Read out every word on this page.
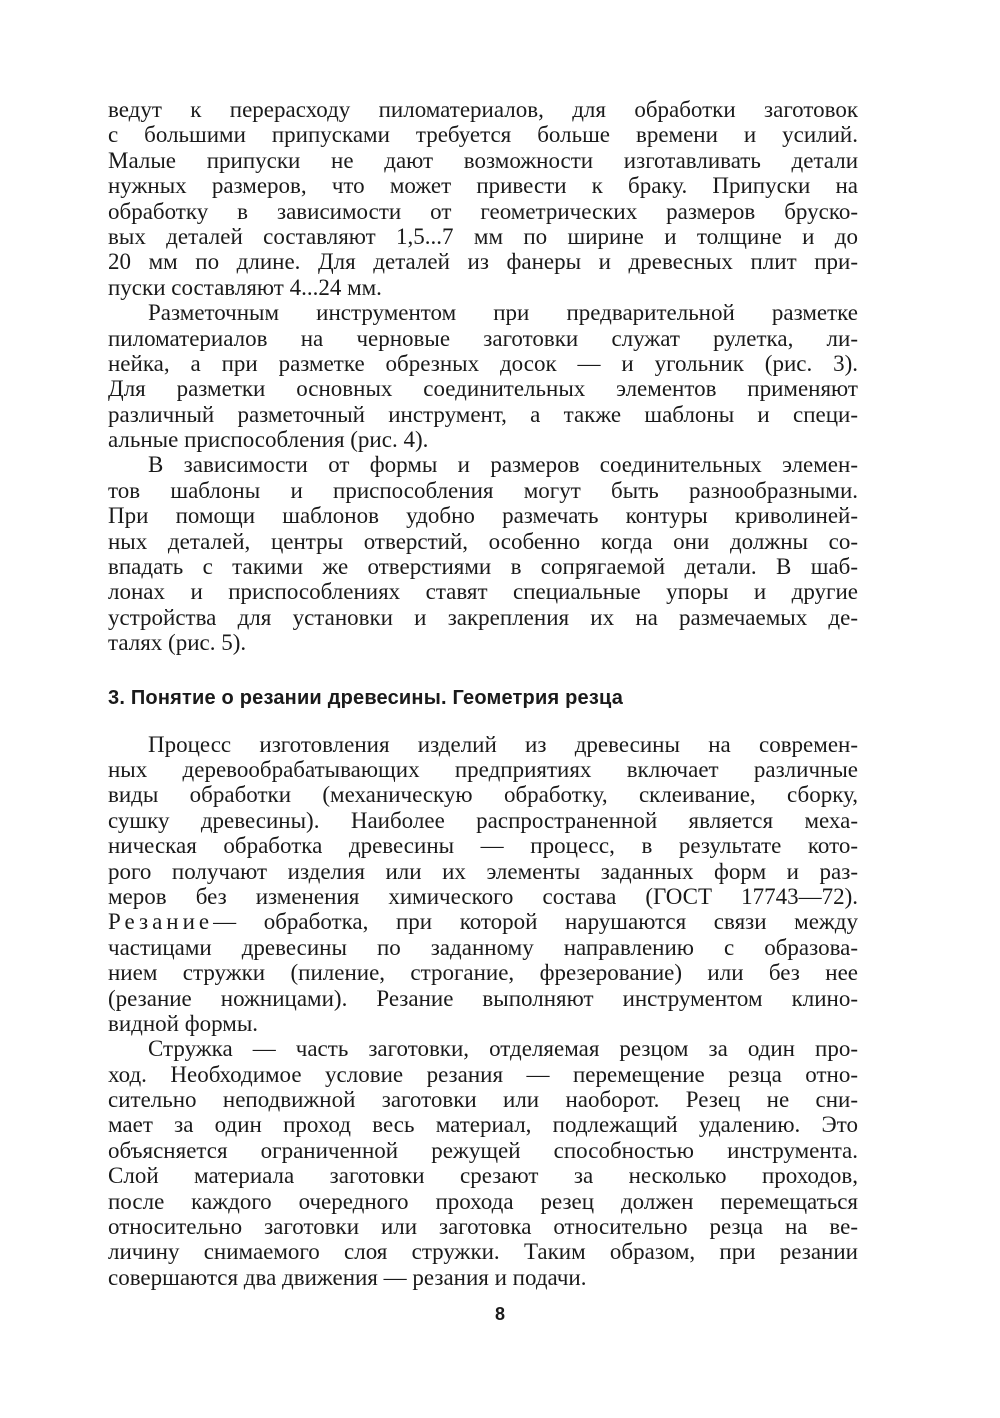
ведут к перерасходу пиломатериалов, для обработки заготовок
с большими припусками требуется больше времени и усилий.
Малые припуски не дают возможности изготавливать детали
нужных размеров, что может привести к браку. Припуски на
обработку в зависимости от геометрических размеров бруско-
вых деталей составляют 1,5...7 мм по ширине и толщине и до
20 мм по длине. Для деталей из фанеры и древесных плит при-
пуски составляют 4...24 мм.
Разметочным инструментом при предварительной разметке
пиломатериалов на черновые заготовки служат рулетка, ли-
нейка, а при разметке обрезных досок — и угольник (рис. 3).
Для разметки основных соединительных элементов применяют
различный разметочный инструмент, а также шаблоны и специ-
альные приспособления (рис. 4).
В зависимости от формы и размеров соединительных элемен-
тов шаблоны и приспособления могут быть разнообразными.
При помощи шаблонов удобно размечать контуры криволиней-
ных деталей, центры отверстий, особенно когда они должны со-
впадать с такими же отверстиями в сопрягаемой детали. В шаб-
лонах и приспособлениях ставят специальные упоры и другие
устройства для установки и закрепления их на размечаемых де-
талях (рис. 5).
3. Понятие о резании древесины. Геометрия резца
Процесс изготовления изделий из древесины на современ-
ных деревообрабатывающих предприятиях включает различные
виды обработки (механическую обработку, склеивание, сборку,
сушку древесины). Наиболее распространенной является меха-
ническая обработка древесины — процесс, в результате кото-
рого получают изделия или их элементы заданных форм и раз-
меров без изменения химического состава (ГОСТ 17743—72).
Резание— обработка, при которой нарушаются связи между
частицами древесины по заданному направлению с образова-
нием стружки (пиление, строгание, фрезерование) или без нее
(резание ножницами). Резание выполняют инструментом клино-
видной формы.
Стружка — часть заготовки, отделяемая резцом за один про-
ход. Необходимое условие резания — перемещение резца отно-
сительно неподвижной заготовки или наоборот. Резец не сни-
мает за один проход весь материал, подлежащий удалению. Это
объясняется ограниченной режущей способностью инструмента.
Слой материала заготовки срезают за несколько проходов,
после каждого очередного прохода резец должен перемещаться
относительно заготовки или заготовка относительно резца на ве-
личину снимаемого слоя стружки. Таким образом, при резании
совершаются два движения — резания и подачи.
8
